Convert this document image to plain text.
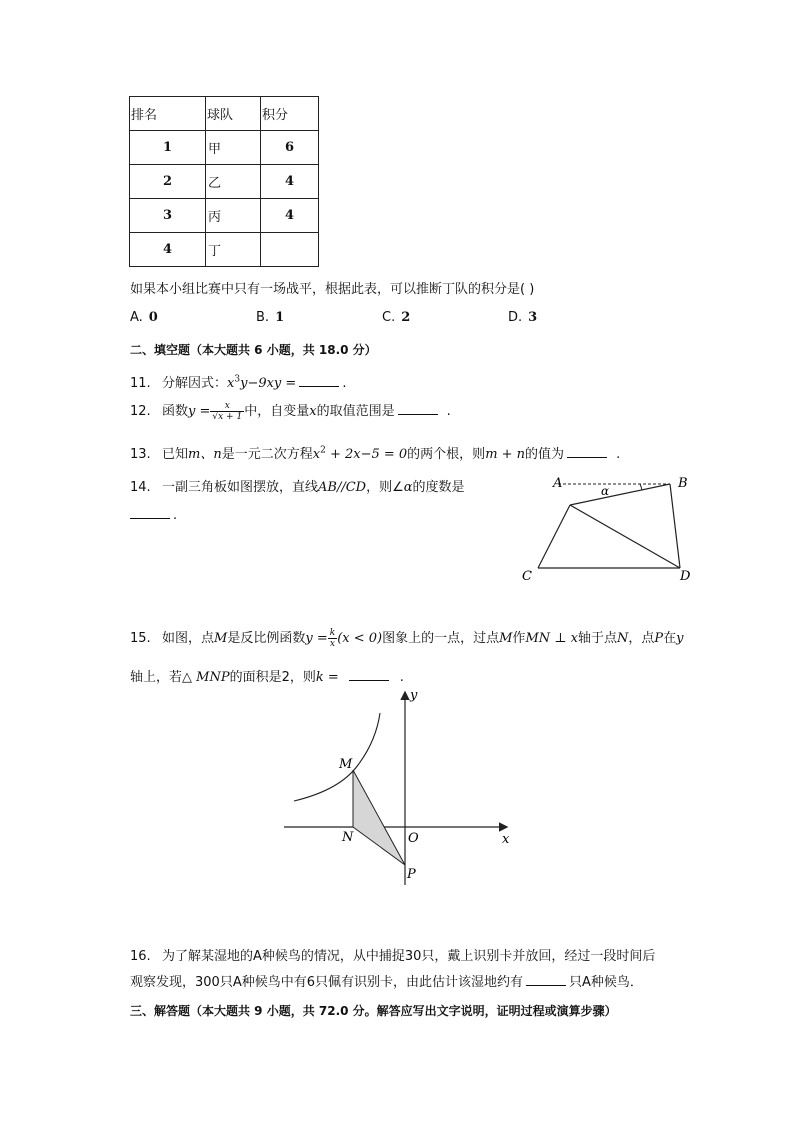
排名	球队	积分
1	甲	6
2	乙	4
3	丙	4
4	丁	
如果本小组比赛中只有一场战平，根据此表，可以推断丁队的积分是( )
A. 0	B. 1	C. 2	D. 3
二、填空题（本大题共 6 小题，共 18.0 分）
11. 分解因式：$x^3y-9xy$ =	.
12. 函数$y = \frac{x}{√x + 1}$ 中，自变量x的取值范围是	.
13. 已知m、n是一元二次方程$x^2 + 2x-5 = 0$的两个根，则m + n的值为	.
14. 一副三角板如图摆放，直线AB//CD，则∠α的度数是
.
A	B
C	D
α
15. 如图，点M是反比例函数$y = \frac{k}{x} (x < 0)$图象上的一点，过点M作MN ⊥ x轴于点N，点P在y
轴上，若△ MNP的面积是2，则k =	.
y
x
M
N	O
P
16. 为了解某湿地的A种候鸟的情况，从中捕捉30只，戴上识别卡并放回，经过一段时间后
观察发现，300只A种候鸟中有6只佩有识别卡，由此估计该湿地约有	只A种候鸟．
三、解答题（本大题共 9 小题，共 72.0 分。解答应写出文字说明，证明过程或演算步骤）
